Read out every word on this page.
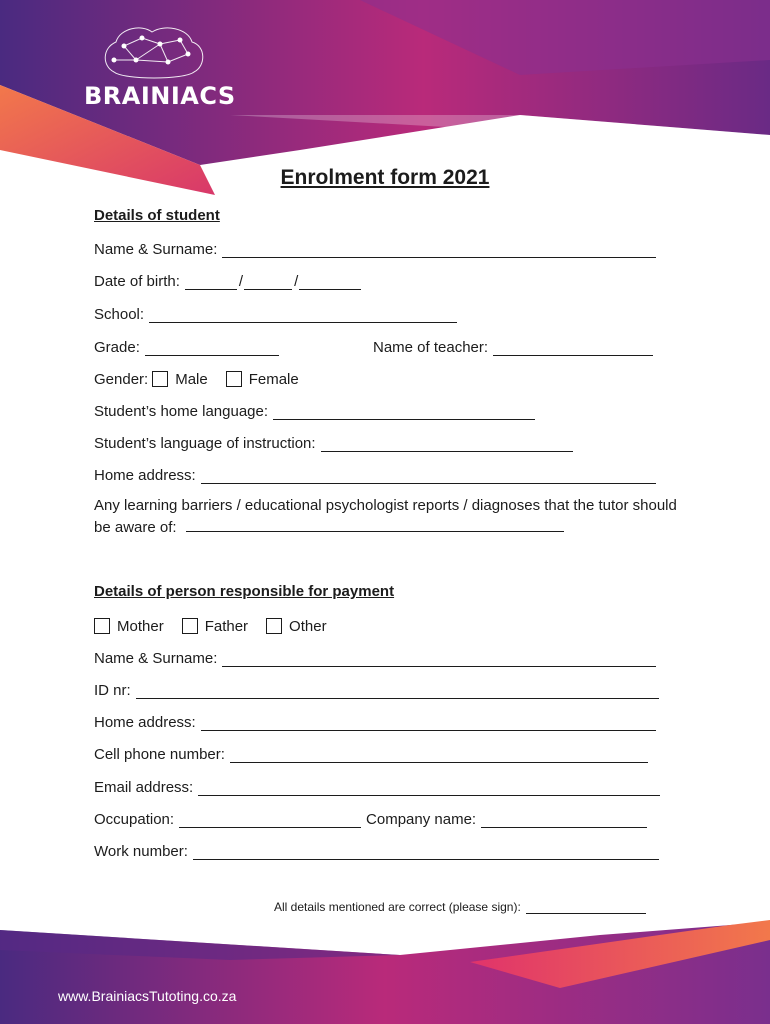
BRAINIACS
Enrolment form 2021
Details of student
Name & Surname:
Date of birth:	/	/
School:
Grade:	Name of teacher:
Gender: Male	Female
Student’s home language:
Student’s language of instruction:
Home address:
Any learning barriers / educational psychologist reports / diagnoses that the tutor should be aware of:
Details of person responsible for payment
Mother	Father	Other
Name & Surname:
ID nr:
Home address:
Cell phone number:
Email address:
Occupation:	Company name:
Work number:
All details mentioned are correct (please sign):
www.BrainiacsTutoting.co.za
